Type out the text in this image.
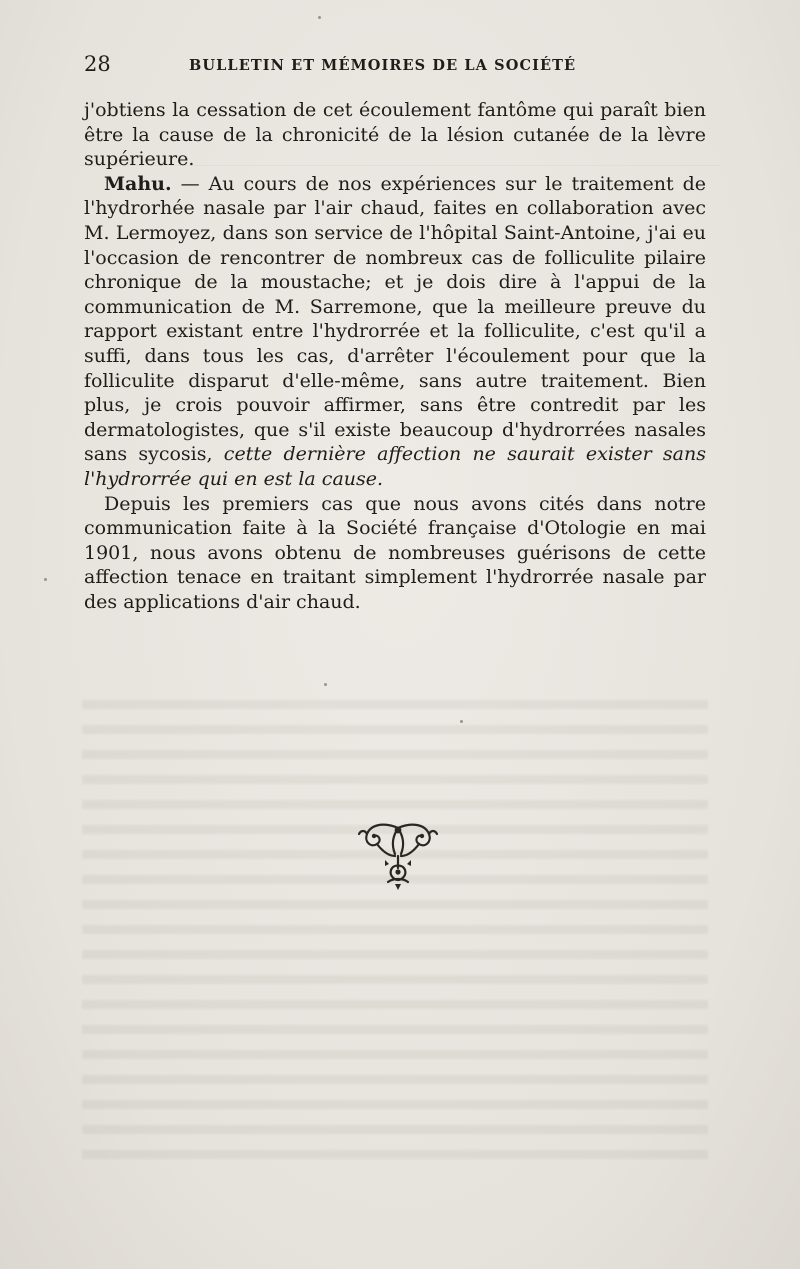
28	BULLETIN ET MÉMOIRES DE LA SOCIÉTÉ

j'obtiens la cessation de cet écoulement fantôme qui paraît bien être la cause de la chronicité de la lésion cutanée de la lèvre supérieure.

Mahu. — Au cours de nos expériences sur le traitement de l'hydrorhée nasale par l'air chaud, faites en collaboration avec M. Lermoyez, dans son service de l'hôpital Saint-Antoine, j'ai eu l'occasion de rencontrer de nombreux cas de folliculite pilaire chronique de la moustache; et je dois dire à l'appui de la communication de M. Sarremone, que la meilleure preuve du rapport existant entre l'hydrorrée et la folliculite, c'est qu'il a suffi, dans tous les cas, d'arrêter l'écoulement pour que la folliculite disparut d'elle-même, sans autre traitement. Bien plus, je crois pouvoir affirmer, sans être contredit par les dermatologistes, que s'il existe beaucoup d'hydrorrées nasales sans sycosis, cette dernière affection ne saurait exister sans l'hydrorrée qui en est la cause.

Depuis les premiers cas que nous avons cités dans notre communication faite à la Société française d'Otologie en mai 1901, nous avons obtenu de nombreuses guérisons de cette affection tenace en traitant simplement l'hydrorrée nasale par des applications d'air chaud.
